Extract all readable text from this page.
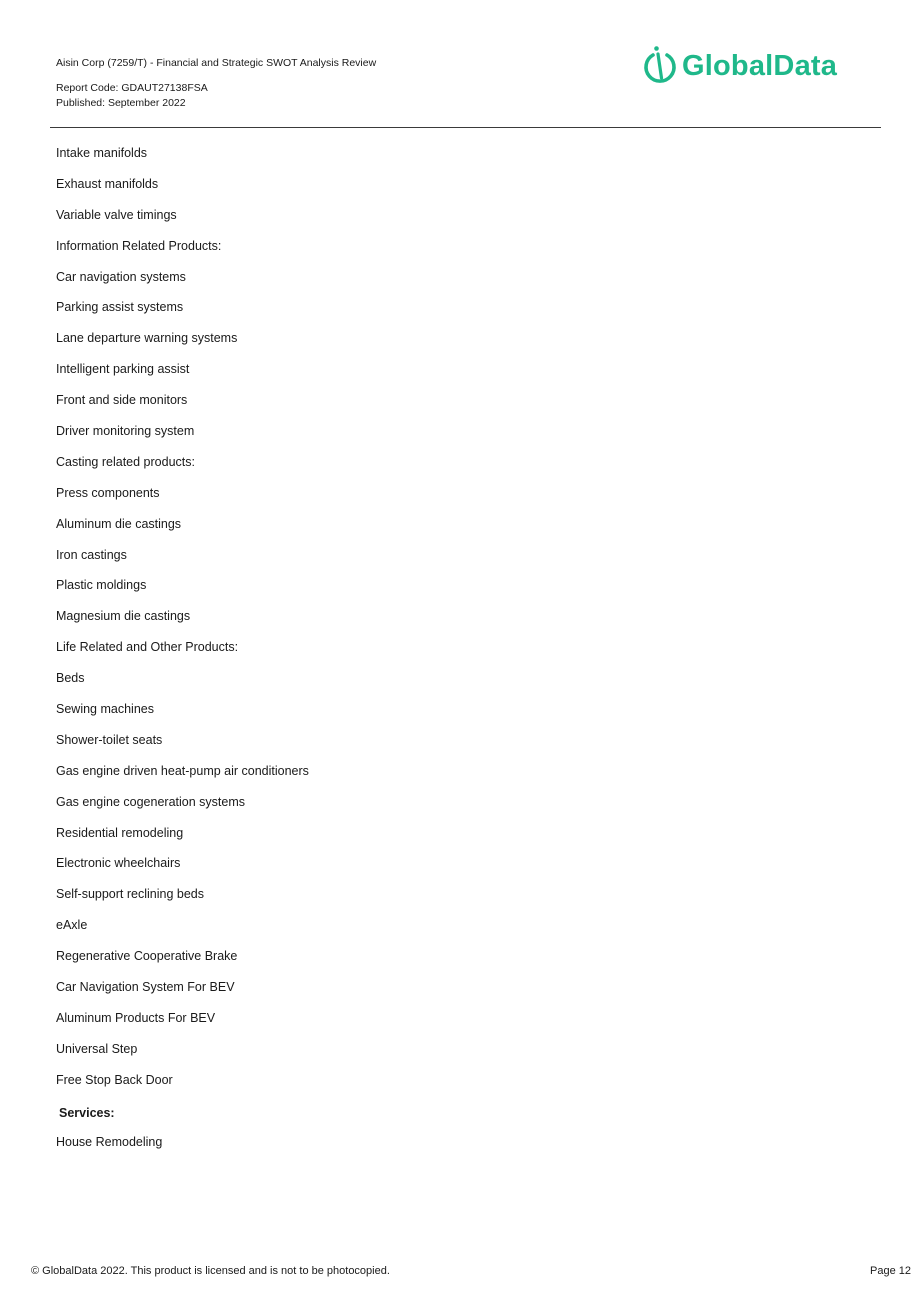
Aisin Corp (7259/T) - Financial and Strategic SWOT Analysis Review
Report Code: GDAUT27138FSA
Published: September 2022
GlobalData
Intake manifolds
Exhaust manifolds
Variable valve timings
Information Related Products:
Car navigation systems
Parking assist systems
Lane departure warning systems
Intelligent parking assist
Front and side monitors
Driver monitoring system
Casting related products:
Press components
Aluminum die castings
Iron castings
Plastic moldings
Magnesium die castings
Life Related and Other Products:
Beds
Sewing machines
Shower-toilet seats
Gas engine driven heat-pump air conditioners
Gas engine cogeneration systems
Residential remodeling
Electronic wheelchairs
Self-support reclining beds
eAxle
Regenerative Cooperative Brake
Car Navigation System For BEV
Aluminum Products For BEV
Universal Step
Free Stop Back Door
Services:
House Remodeling
© GlobalData 2022. This product is licensed and is not to be photocopied.	Page 12
